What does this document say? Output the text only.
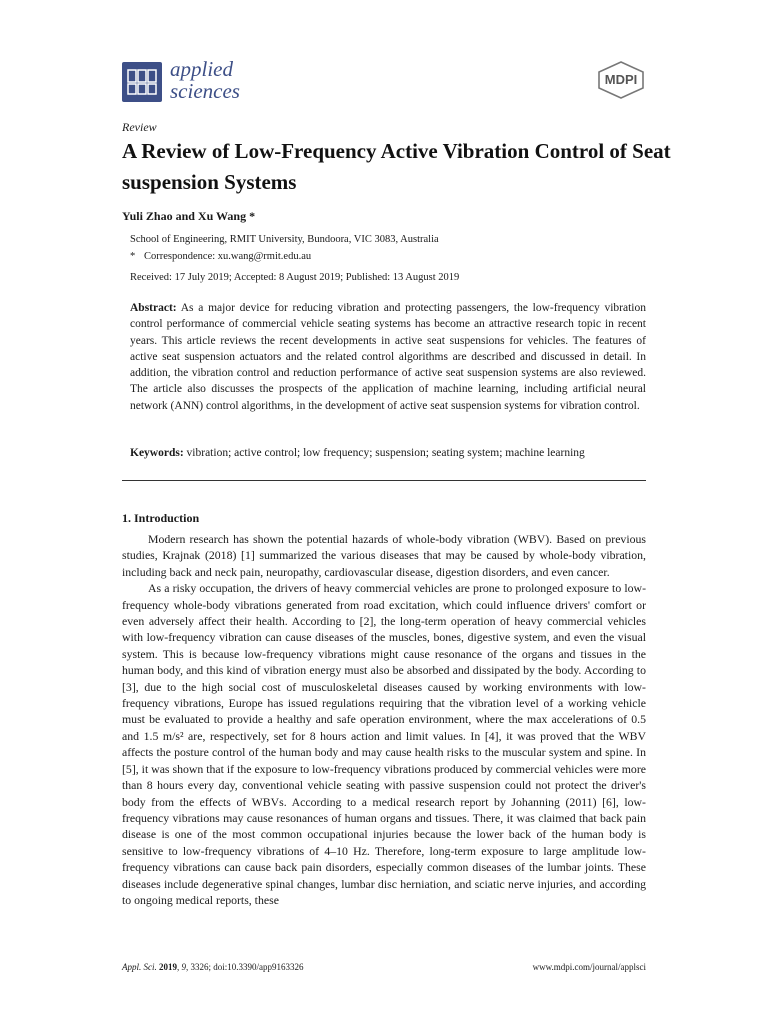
applied
sciences	MDPI
Review
A Review of Low-Frequency Active Vibration Control of Seat suspension Systems
Yuli Zhao and Xu Wang *
School of Engineering, RMIT University, Bundoora, VIC 3083, Australia
* Correspondence: xu.wang@rmit.edu.au
Received: 17 July 2019; Accepted: 8 August 2019; Published: 13 August 2019
Abstract: As a major device for reducing vibration and protecting passengers, the low-frequency vibration control performance of commercial vehicle seating systems has become an attractive research topic in recent years. This article reviews the recent developments in active seat suspensions for vehicles. The features of active seat suspension actuators and the related control algorithms are described and discussed in detail. In addition, the vibration control and reduction performance of active seat suspension systems are also reviewed. The article also discusses the prospects of the application of machine learning, including artificial neural network (ANN) control algorithms, in the development of active seat suspension systems for vibration control.
Keywords: vibration; active control; low frequency; suspension; seating system; machine learning
1. Introduction

Modern research has shown the potential hazards of whole-body vibration (WBV). Based on previous studies, Krajnak (2018) [1] summarized the various diseases that may be caused by whole-body vibration, including back and neck pain, neuropathy, cardiovascular disease, digestion disorders, and even cancer.

As a risky occupation, the drivers of heavy commercial vehicles are prone to prolonged exposure to low-frequency whole-body vibrations generated from road excitation, which could influence drivers' comfort or even adversely affect their health. According to [2], the long-term operation of heavy commercial vehicles with low-frequency vibration can cause diseases of the muscles, bones, digestive system, and even the visual system. This is because low-frequency vibrations might cause resonance of the organs and tissues in the human body, and this kind of vibration energy must also be absorbed and dissipated by the body. According to [3], due to the high social cost of musculoskeletal diseases caused by working environments with low-frequency vibrations, Europe has issued regulations requiring that the vibration level of a working vehicle must be evaluated to provide a healthy and safe operation environment, where the max accelerations of 0.5 and 1.5 m/s² are, respectively, set for 8 hours action and limit values. In [4], it was proved that the WBV affects the posture control of the human body and may cause health risks to the muscular system and spine. In [5], it was shown that if the exposure to low-frequency vibrations produced by commercial vehicles were more than 8 hours every day, conventional vehicle seating with passive suspension could not protect the driver's body from the effects of WBVs. According to a medical research report by Johanning (2011) [6], low-frequency vibrations may cause resonances of human organs and tissues. There, it was claimed that back pain disease is one of the most common occupational injuries because the lower back of the human body is sensitive to low-frequency vibrations of 4–10 Hz. Therefore, long-term exposure to large amplitude low-frequency vibrations can cause back pain disorders, especially common diseases of the lumbar joints. These diseases include degenerative spinal changes, lumbar disc herniation, and sciatic nerve injuries, and according to ongoing medical reports, these

Appl. Sci. 2019, 9, 3326; doi:10.3390/app9163326	www.mdpi.com/journal/applsci
